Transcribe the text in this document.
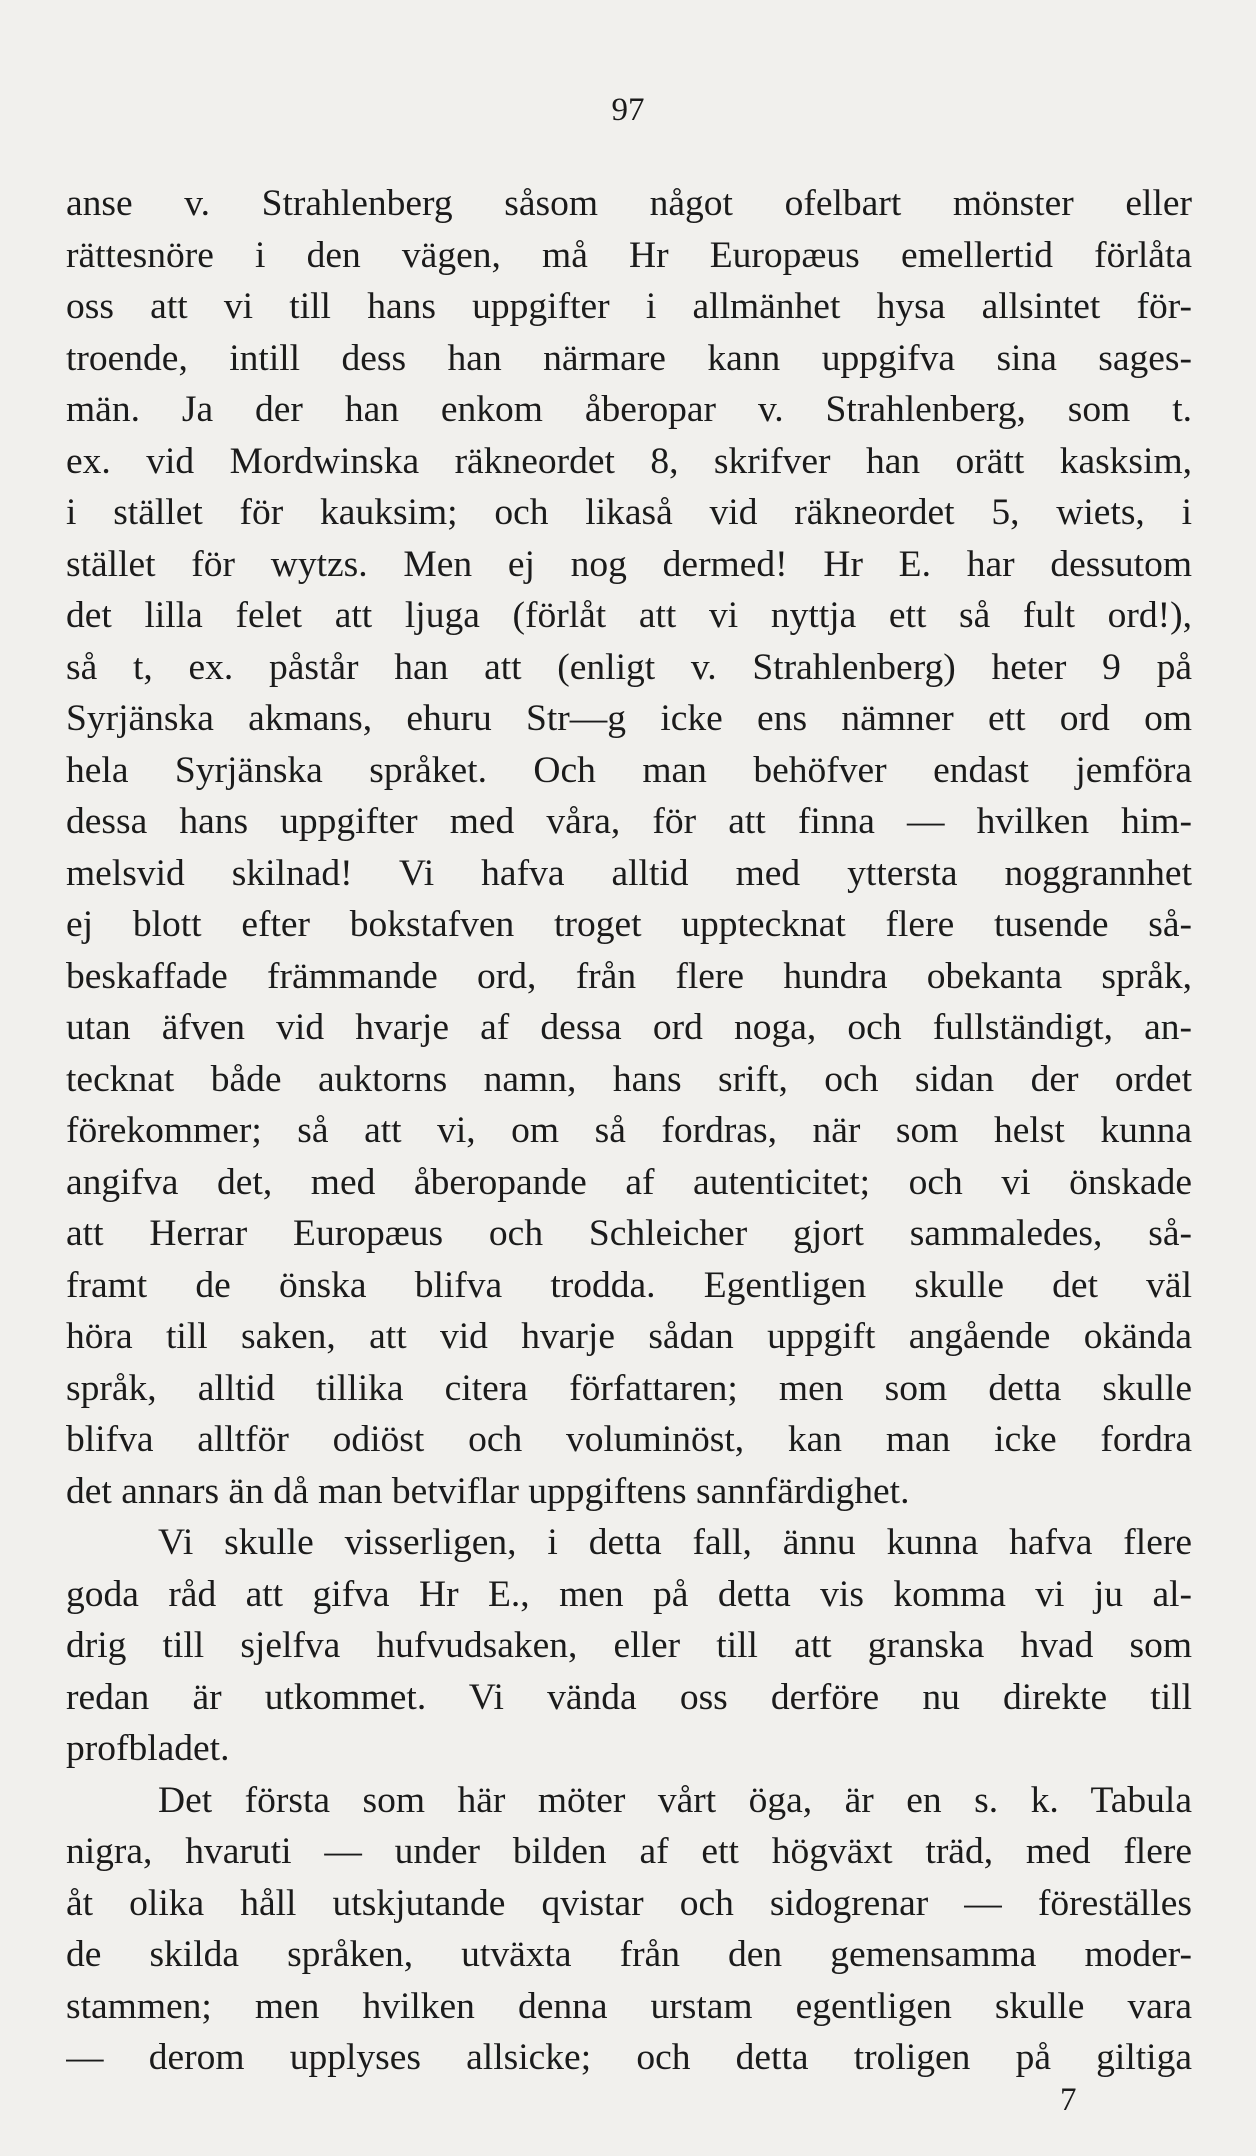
97
anse v. Strahlenberg såsom något ofelbart mönster eller
rättesnöre i den vägen, må Hr Europæus emellertid förlåta
oss att vi till hans uppgifter i allmänhet hysa allsintet för-
troende, intill dess han närmare kann uppgifva sina sages-
män. Ja der han enkom åberopar v. Strahlenberg, som t.
ex. vid Mordwinska räkneordet 8, skrifver han orätt kasksim,
i stället för kauksim; och likaså vid räkneordet 5, wiets, i
stället för wytzs. Men ej nog dermed! Hr E. har dessutom
det lilla felet att ljuga (förlåt att vi nyttja ett så fult ord!),
så t, ex. påstår han att (enligt v. Strahlenberg) heter 9 på
Syrjänska akmans, ehuru Str—g icke ens nämner ett ord om
hela Syrjänska språket. Och man behöfver endast jemföra
dessa hans uppgifter med våra, för att finna — hvilken him-
melsvid skilnad! Vi hafva alltid med yttersta noggrannhet
ej blott efter bokstafven troget upptecknat flere tusende så-
beskaffade främmande ord, från flere hundra obekanta språk,
utan äfven vid hvarje af dessa ord noga, och fullständigt, an-
tecknat både auktorns namn, hans srift, och sidan der ordet
förekommer; så att vi, om så fordras, när som helst kunna
angifva det, med åberopande af autenticitet; och vi önskade
att Herrar Europæus och Schleicher gjort sammaledes, så-
framt de önska blifva trodda. Egentligen skulle det väl
höra till saken, att vid hvarje sådan uppgift angående okända
språk, alltid tillika citera författaren; men som detta skulle
blifva alltför odiöst och voluminöst, kan man icke fordra
det annars än då man betviflar uppgiftens sannfärdighet.
Vi skulle visserligen, i detta fall, ännu kunna hafva flere
goda råd att gifva Hr E., men på detta vis komma vi ju al-
drig till sjelfva hufvudsaken, eller till att granska hvad som
redan är utkommet. Vi vända oss derföre nu direkte till
profbladet.
Det första som här möter vårt öga, är en s. k. Tabula
nigra, hvaruti — under bilden af ett högväxt träd, med flere
åt olika håll utskjutande qvistar och sidogrenar — föreställes
de skilda språken, utväxta från den gemensamma moder-
stammen; men hvilken denna urstam egentligen skulle vara
— derom upplyses allsicke; och detta troligen på giltiga
7
